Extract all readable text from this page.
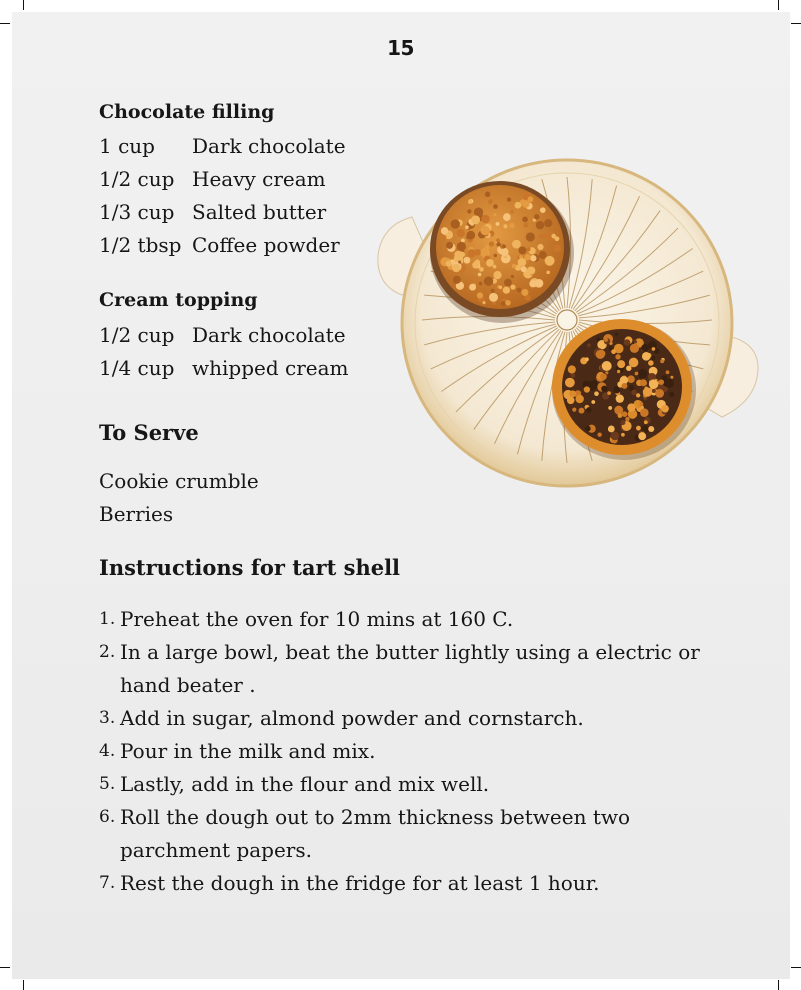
15
Chocolate filling
1 cup Dark chocolate
1/2 cup Heavy cream
1/3 cup Salted butter
1/2 tbsp Coffee powder
Cream topping
1/2 cup Dark chocolate
1/4 cup whipped cream
To Serve
Cookie crumble
Berries
Instructions for tart shell
1. Preheat the oven for 10 mins at 160 C.
2. In a large bowl, beat the butter lightly using a electric or hand beater .
3. Add in sugar, almond powder and cornstarch.
4. Pour in the milk and mix.
5. Lastly, add in the flour and mix well.
6. Roll the dough out to 2mm thickness between two parchment papers.
7. Rest the dough in the fridge for at least 1 hour.
